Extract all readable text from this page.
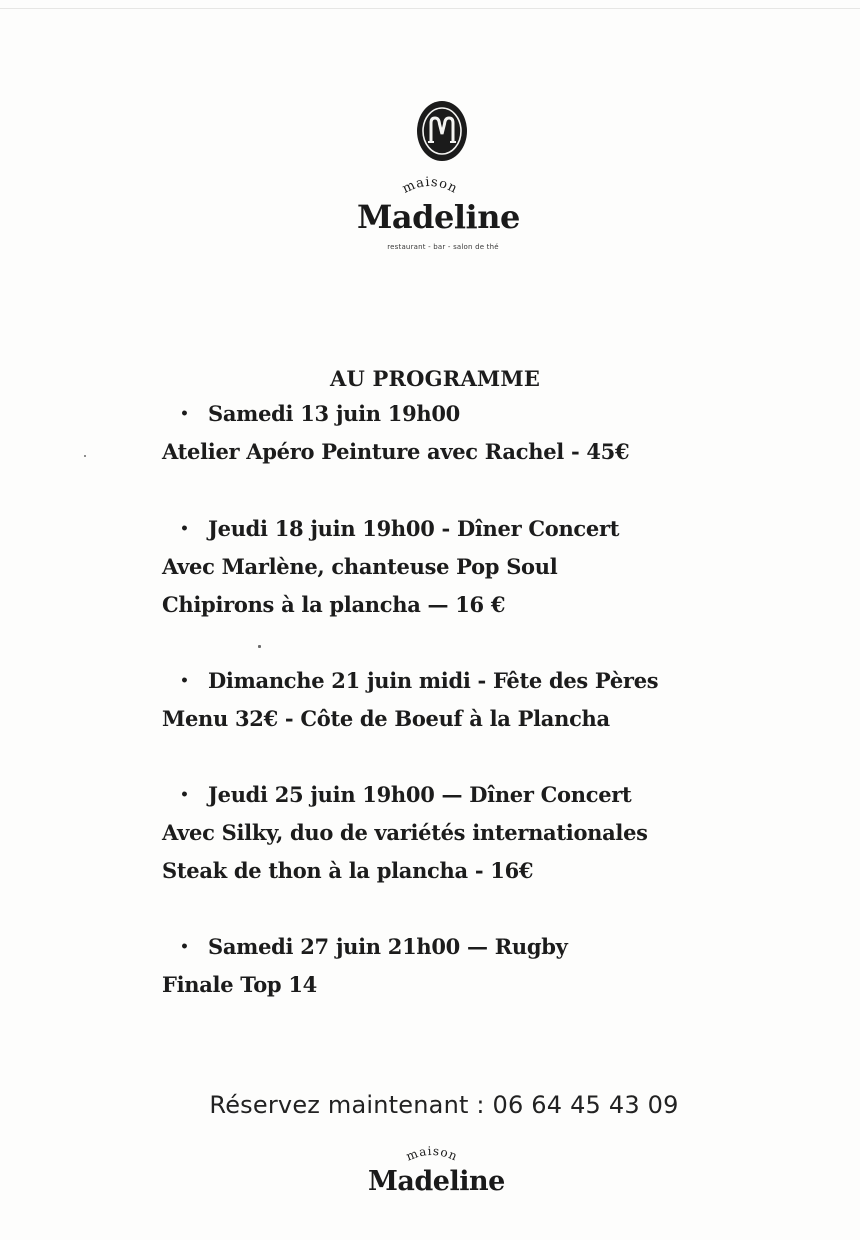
maison
Madeline
restaurant - bar - salon de thé
AU PROGRAMME
• Samedi 13 juin 19h00
Atelier Apéro Peinture avec Rachel - 45€
• Jeudi 18 juin 19h00 - Dîner Concert
Avec Marlène, chanteuse Pop Soul
Chipirons à la plancha — 16 €
• Dimanche 21 juin midi - Fête des Pères
Menu 32€ - Côte de Boeuf à la Plancha
• Jeudi 25 juin 19h00 — Dîner Concert
Avec Silky, duo de variétés internationales
Steak de thon à la plancha - 16€
• Samedi 27 juin 21h00 — Rugby
Finale Top 14
Réservez maintenant : 06 64 45 43 09
maison
Madeline
